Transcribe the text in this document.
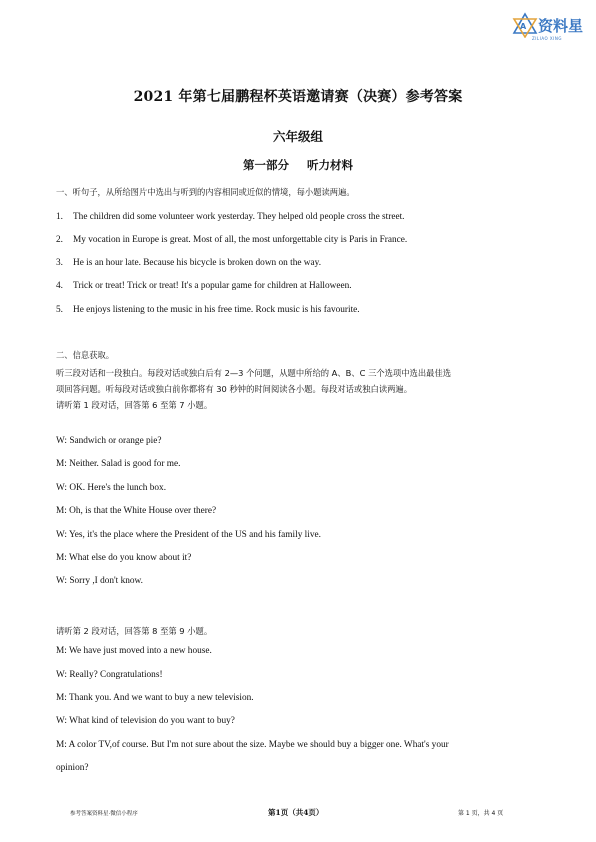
A 资料星
ZILIAO XING
2021 年第七届鹏程杯英语邀请赛（决赛）参考答案
六年级组
第一部分 听力材料
一、听句子，从所给图片中选出与听到的内容相同或近似的情境，每小题读两遍。
1. The children did some volunteer work yesterday. They helped old people cross the street.
2. My vocation in Europe is great. Most of all, the most unforgettable city is Paris in France.
3. He is an hour late. Because his bicycle is broken down on the way.
4. Trick or treat! Trick or treat! It's a popular game for children at Halloween.
5. He enjoys listening to the music in his free time. Rock music is his favourite.
二、信息获取。
听三段对话和一段独白。每段对话或独白后有 2—3 个问题，从题中所给的 A、B、C 三个选项中选出最佳选
项回答问题。听每段对话或独白前你都将有 30 秒钟的时间阅读各小题。每段对话或独白读两遍。
请听第 1 段对话，回答第 6 至第 7 小题。
W: Sandwich or orange pie?
M: Neither. Salad is good for me.
W: OK. Here's the lunch box.
M: Oh, is that the White House over there?
W: Yes, it's the place where the President of the US and his family live.
M: What else do you know about it?
W: Sorry ,I don't know.
请听第 2 段对话，回答第 8 至第 9 小题。
M: We have just moved into a new house.
W: Really? Congratulations!
M: Thank you. And we want to buy a new television.
W: What kind of television do you want to buy?
M: A color TV,of course. But I'm not sure about the size. Maybe we should buy a bigger one. What's your
opinion?
参考答案资料星·微信小程序	第1页（共4页）	第 1 页，共 4 页
